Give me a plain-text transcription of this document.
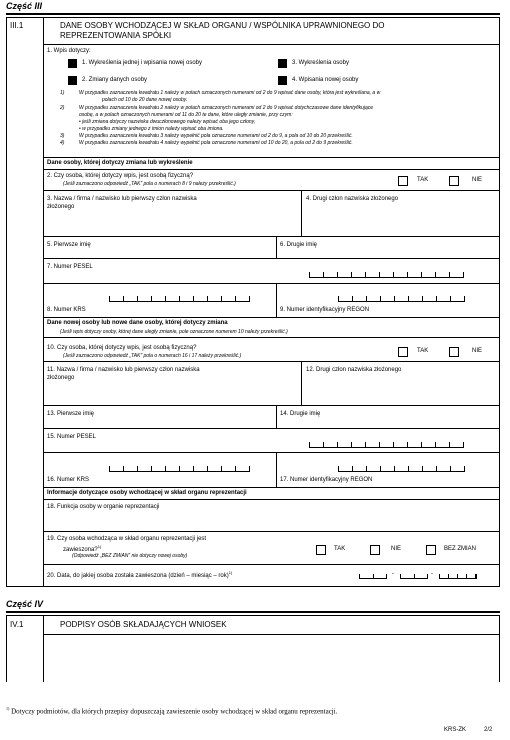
Część III
III.1	DANE OSOBY WCHODZĄCEJ W SKŁAD ORGANU / WSPÓLNIKA UPRAWNIONEGO DO
REPREZENTOWANIA SPÓŁKI
1. Wpis dotyczy:
1. Wykreślenia jednej i wpisania nowej osoby	3. Wykreślenia osoby
2. Zmiany danych osoby	4. Wpisania nowej osoby
1)	W przypadku zaznaczenia kwadratu 1 należy w polach oznaczonych numerami od 2 do 9 wpisać dane osoby, która jest wykreślana, a w
polach od 10 do 20 dane nowej osoby.
2)	W przypadku zaznaczenia kwadratu 2 należy w polach oznaczonych numerami od 2 do 9 wpisać dotychczasowe dane identyfikujące
osobę, a w polach oznaczonych numerami od 11 do 20 te dane, które uległy zmianie, przy czym:
• jeśli zmiana dotyczy nazwiska dwuczłonowego należy wpisać oba jego człony,
• w przypadku zmiany jednego z imion należy wpisać oba imiona.
3)	W przypadku zaznaczenia kwadratu 3 należy wypełnić pola oznaczone numerami od 2 do 9, a pola od 10 do 20 przekreślić.
4)	W przypadku zaznaczenia kwadratu 4 należy wypełnić pola oznaczone numerami od 10 do 20, a pola od 2 do 9 przekreślić.
Dane osoby, której dotyczy zmiana lub wykreślenie
2. Czy osoba, której dotyczy wpis, jest osobą fizyczną?
(Jeśli zaznaczono odpowiedź „TAK” pola o numerach 8 i 9 należy przekreślić.)
TAK	NIE
3. Nazwa / firma / nazwisko lub pierwszy człon nazwiska
złożonego
4. Drugi człon nazwiska złożonego
5. Pierwsze imię	6. Drugie imię
7. Numer PESEL
8. Numer KRS	9. Numer identyfikacyjny REGON
Dane nowej osoby lub nowe dane osoby, której dotyczy zmiana
(Jeśli wpis dotyczy osoby, której dane uległy zmianie, pole oznaczone numerem 10 należy przekreślić.)
10. Czy osoba, której dotyczy wpis, jest osobą fizyczną?
(Jeśli zaznaczono odpowiedź „TAK” pola o numerach 16 i 17 należy przekreślić.)
TAK	NIE
11. Nazwa / firma / nazwisko lub pierwszy człon nazwiska
złożonego
12. Drugi człon nazwiska złożonego
13. Pierwsze imię	14. Drugie imię
15. Numer PESEL
16. Numer KRS	17. Numer identyfikacyjny REGON
Informacje dotyczące osoby wchodzącej w skład organu reprezentacji
18. Funkcja osoby w organie reprezentacji
19. Czy osoba wchodząca w skład organu reprezentacji jest
zawieszona?$^{1)}$
(Odpowiedź „BEZ ZMIAN” nie dotyczy nowej osoby)
TAK	NIE	BEZ ZMIAN
20. Data, do jakiej osoba została zawieszona (dzień – miesiąc – rok)$^{1)}$	-	-
Część IV
IV.1	PODPISY OSÓB SKŁADAJĄCYCH WNIOSEK
$^{1)}$ Dotyczy podmiotów, dla których przepisy dopuszczają zawieszenie osoby wchodzącej w skład organu reprezentacji.
KRS-ZK	2/2
